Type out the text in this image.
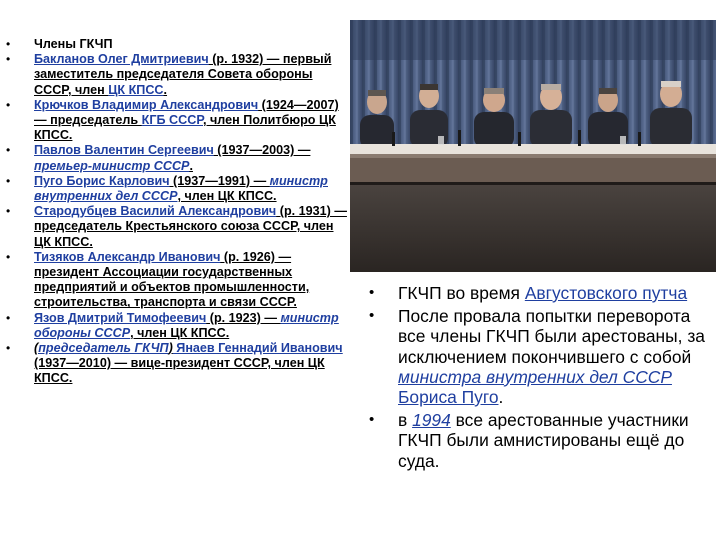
• Члены ГКЧП
• Бакланов Олег Дмитриевич (р. 1932) — первый заместитель председателя Совета обороны СССР, член ЦК КПСС.
• Крючков Владимир Александрович (1924—2007) — председатель КГБ СССР, член Политбюро ЦК КПСС.
• Павлов Валентин Сергеевич (1937—2003) — премьер-министр СССР.
• Пуго Борис Карлович (1937—1991) — министр внутренних дел СССР, член ЦК КПСС.
• Стародубцев Василий Александрович (р. 1931) — председатель Крестьянского союза СССР, член ЦК КПСС.
• Тизяков Александр Иванович (р. 1926) — президент Ассоциации государственных предприятий и объектов промышленности, строительства, транспорта и связи СССР.
• Язов Дмитрий Тимофеевич (р. 1923) — министр обороны СССР, член ЦК КПСС.
• (председатель ГКЧП) Янаев Геннадий Иванович (1937—2010) — вице-президент СССР, член ЦК КПСС.
• ГКЧП во время Августовского путча
• После провала попытки переворота все члены ГКЧП были арестованы, за исключением покончившего с собой министра внутренних дел СССР Бориса Пуго.
• в 1994 все арестованные участники ГКЧП были амнистированы ещё до суда.
